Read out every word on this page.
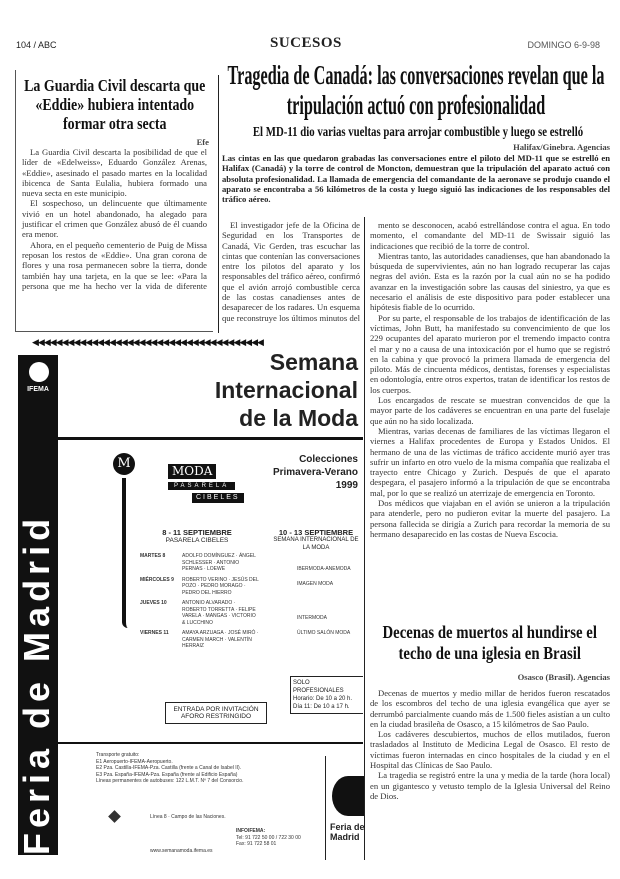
104 / ABC	SUCESOS	DOMINGO 6-9-98
La Guardia Civil descarta que «Eddie» hubiera intentado formar otra secta
Efe

La Guardia Civil descarta la posibilidad de que el líder de «Edelweiss», Eduardo González Arenas, «Eddie», asesinado el pasado martes en la localidad ibicenca de Santa Eulalia, hubiera formado una nueva secta en este municipio.

El sospechoso, un delincuente que últimamente vivió en un hotel abandonado, ha alegado para justificar el crimen que González abusó de él cuando era menor.

Ahora, en el pequeño cementerio de Puig de Missa reposan los restos de «Eddie». Una gran corona de flores y una rosa permanecen sobre la tierra, donde también hay una tarjeta, en la que se lee: «Para la persona que me ha hecho ver la vida de diferente

Tragedia de Canadá: las conversaciones revelan que la tripulación actuó con profesionalidad
El MD-11 dio varias vueltas para arrojar combustible y luego se estrelló
Halifax/Ginebra. Agencias
Las cintas en las que quedaron grabadas las conversaciones entre el piloto del MD-11 que se estrelló en Halifax (Canadá) y la torre de control de Moncton, demuestran que la tripulación del aparato actuó con absoluta profesionalidad. La llamada de emergencia del comandante de la aeronave se produjo cuando el aparato se encontraba a 56 kilómetros de la costa y luego siguió las indicaciones de los responsables del tráfico aéreo.

El investigador jefe de la Oficina de Seguridad en los Transportes de Canadá, Vic Gerden, tras escuchar las cintas que contenían las conversaciones entre los pilotos del aparato y los responsables del tráfico aéreo, confirmó que el avión arrojó combustible cerca de las costas canadienses antes de desaparecer de los radares. Un esquema que reconstruye los últimos minutos del

mento se desconocen, acabó estrellándose contra el agua. En todo momento, el comandante del MD-11 de Swissair siguió las indicaciones que recibió de la torre de control.

Mientras tanto, las autoridades canadienses, que han abandonado la búsqueda de supervivientes, aún no han logrado recuperar las cajas negras del avión. Esta es la razón por la cual aún no se ha podido avanzar en la investigación sobre las causas del siniestro, ya que es necesario el análisis de este dispositivo para poder establecer una hipótesis fiable de lo ocurrido.

Por su parte, el responsable de los trabajos de identificación de las víctimas, John Butt, ha manifestado su convencimiento de que los 229 ocupantes del aparato murieron por el tremendo impacto contra el mar y no a causa de una intoxicación por el humo que se registró en la cabina y que provocó la primera llamada de emergencia del piloto. Más de cincuenta médicos, dentistas, forenses y especialistas en odontología, entre otros expertos, tratan de identificar los restos de los cuerpos.

Los encargados de rescate se muestran convencidos de que la mayor parte de los cadáveres se encuentran en una parte del fuselaje que aún no ha sido localizada.

Mientras, varias decenas de familiares de las víctimas llegaron el viernes a Halifax procedentes de Europa y Estados Unidos. El hermano de una de las víctimas de tráfico accidente murió ayer tras sufrir un infarto en otro vuelo de la misma compañía que realizaba el trayecto entre Chicago y Zurich. Después de que el aparato despegara, el pasajero informó a la tripulación de que se encontraba mal, por lo que se realizó un aterrizaje de emergencia en Toronto.

Dos médicos que viajaban en el avión se unieron a la tripulación para atenderle, pero no pudieron evitar la muerte del pasajero. La persona fallecida se dirigía a Zurich para recordar la memoria de su hermano desaparecido en las costas de Nueva Escocia.

Decenas de muertos al hundirse el techo de una iglesia en Brasil
Osasco (Brasil). Agencias

Decenas de muertos y medio millar de heridos fueron rescatados de los escombros del techo de una iglesia evangélica que ayer se derrumbó parcialmente cuando más de 1.500 fieles asistían a un culto en la ciudad brasileña de Osasco, a 15 kilómetros de Sao Paulo.

Los cadáveres descubiertos, muchos de ellos mutilados, fueron trasladados al Instituto de Medicina Legal de Osasco. El resto de víctimas fueron internadas en cinco hospitales de la ciudad y en el Hospital das Clínicas de Sao Paulo.

La tragedia se registró entre la una y media de la tarde (hora local) en un gigantesco y vetusto templo de la Iglesia Universal del Reino de Dios.

◀◀◀◀◀◀◀◀◀◀◀◀◀◀◀◀◀◀◀◀◀◀◀◀◀◀◀◀◀◀◀◀◀◀◀◀◀◀◀
IFEMA
Feria de Madrid
Semana
Internacional
de la Moda
M	MODA
PASARELA
CIBELES
Colecciones
Primavera-Verano
1999
8 - 11 SEPTIEMBRE
PASARELA CIBELES
MARTES 8	ADOLFO DOMÍNGUEZ · ÁNGEL SCHLESSER · ANTONIO PERNAS · LOEWE
MIÉRCOLES 9	ROBERTO VERINO · JESÚS DEL POZO · PEDRO MORAGO · PEDRO DEL HIERRO
JUEVES 10	ANTONIO ALVARADO · ROBERTO TORRETTA · FELIPE VARELA · MANGAS · VICTORIO & LUCCHINO
VIERNES 11	AMAYA ARZUAGA · JOSÉ MIRÓ · CARMEN MARCH · VALENTÍN HERRAIZ
ENTRADA POR INVITACIÓN
AFORO RESTRINGIDO
10 - 13 SEPTIEMBRE
SEMANA INTERNACIONAL DE LA MODA
IBERMODA-ANEMODA
IMAGEN MODA
INTERMODA
ÚLTIMO SALÓN MODA
SOLO PROFESIONALES
Horario: De 10 a 20 h.
Día 11: De 10 a 17 h.
Transporte gratuito:
E1 Aeropuerto-IFEMA-Aeropuerto.
E2 Pza. Castilla-IFEMA-Pza. Castilla (frente a Canal de Isabel II).
E3 Pza. España-IFEMA-Pza. España (frente al Edificio España)
Líneas permanentes de autobuses: 122 L.M.T. Nº 7 del Consorcio.
Línea 8 · Campo de las Naciones.
www.semanamoda.ifema.es
INFOIFEMA:
Tel: 91 722 50 00 / 722 30 00
Fax: 91 722 58 01
Feria de Madrid
